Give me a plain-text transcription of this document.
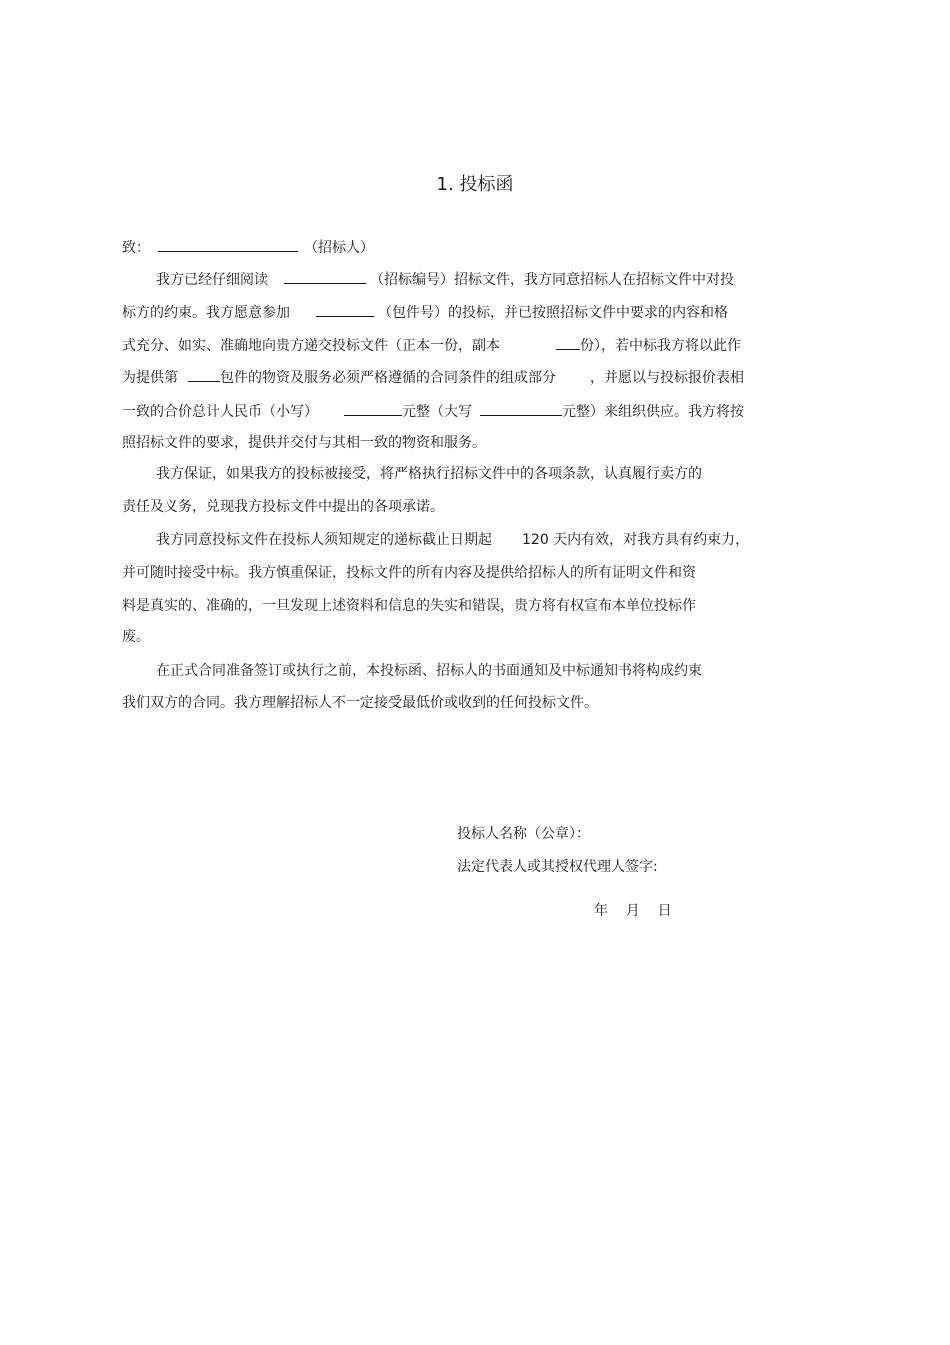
1. 投标函
致：	（招标人）
我方已经仔细阅读	（招标编号）招标文件，我方同意招标人在招标文件中对投
标方的约束。我方愿意参加	（包件号）的投标，并已按照招标文件中要求的内容和格
式充分、如实、准确地向贵方递交投标文件（正本一份，副本	份），若中标我方将以此作
为提供第	包件的物资及服务必须严格遵循的合同条件的组成部分 ，并愿以与投标报价表相
一致的合价总计人民币（小写）	元整（大写	元整）来组织供应。我方将按
照招标文件的要求，提供并交付与其相一致的物资和服务。
我方保证，如果我方的投标被接受，将严格执行招标文件中的各项条款，认真履行卖方的
责任及义务，兑现我方投标文件中提出的各项承诺。
我方同意投标文件在投标人须知规定的递标截止日期起 120 天内有效，对我方具有约束力，
并可随时接受中标。我方慎重保证，投标文件的所有内容及提供给招标人的所有证明文件和资
料是真实的、准确的，一旦发现上述资料和信息的失实和错误，贵方将有权宣布本单位投标作
废。
在正式合同准备签订或执行之前，本投标函、招标人的书面通知及中标通知书将构成约束
我们双方的合同。我方理解招标人不一定接受最低价或收到的任何投标文件。
投标人名称（公章）：
法定代表人或其授权代理人签字:
年    月    日
